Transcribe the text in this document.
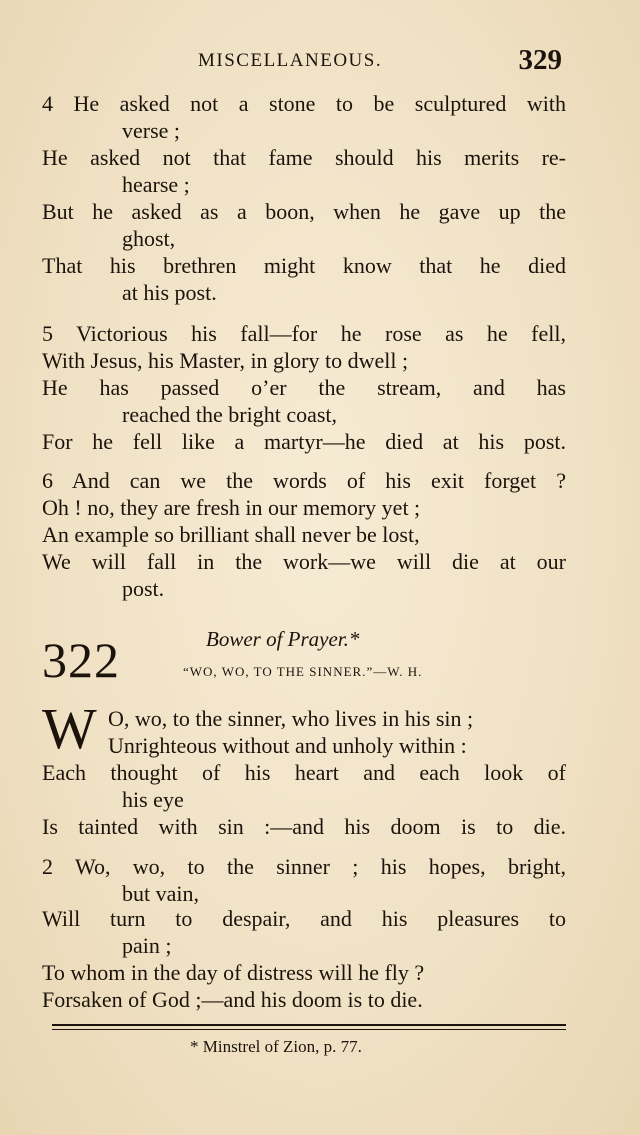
MISCELLANEOUS.	329
4 He asked not a stone to be sculptured with
verse ;
He asked not that fame should his merits re-
hearse ;
But he asked as a boon, when he gave up the
ghost,
That his brethren might know that he died
at his post.
5 Victorious his fall—for he rose as he fell,
With Jesus, his Master, in glory to dwell ;
He has passed o’er the stream, and has
reached the bright coast,
For he fell like a martyr—he died at his post.
6 And can we the words of his exit forget ?
Oh ! no, they are fresh in our memory yet ;
An example so brilliant shall never be lost,
We will fall in the work—we will die at our
post.
322	Bower of Prayer.*
“WO, WO, TO THE SINNER.”—W. H.
W O, wo, to the sinner, who lives in his sin ;
Unrighteous without and unholy within :
Each thought of his heart and each look of
his eye
Is tainted with sin :—and his doom is to die.
2 Wo, wo, to the sinner ; his hopes, bright,
but vain,
Will turn to despair, and his pleasures to
pain ;
To whom in the day of distress will he fly ?
Forsaken of God ;—and his doom is to die.
* Minstrel of Zion, p. 77.
